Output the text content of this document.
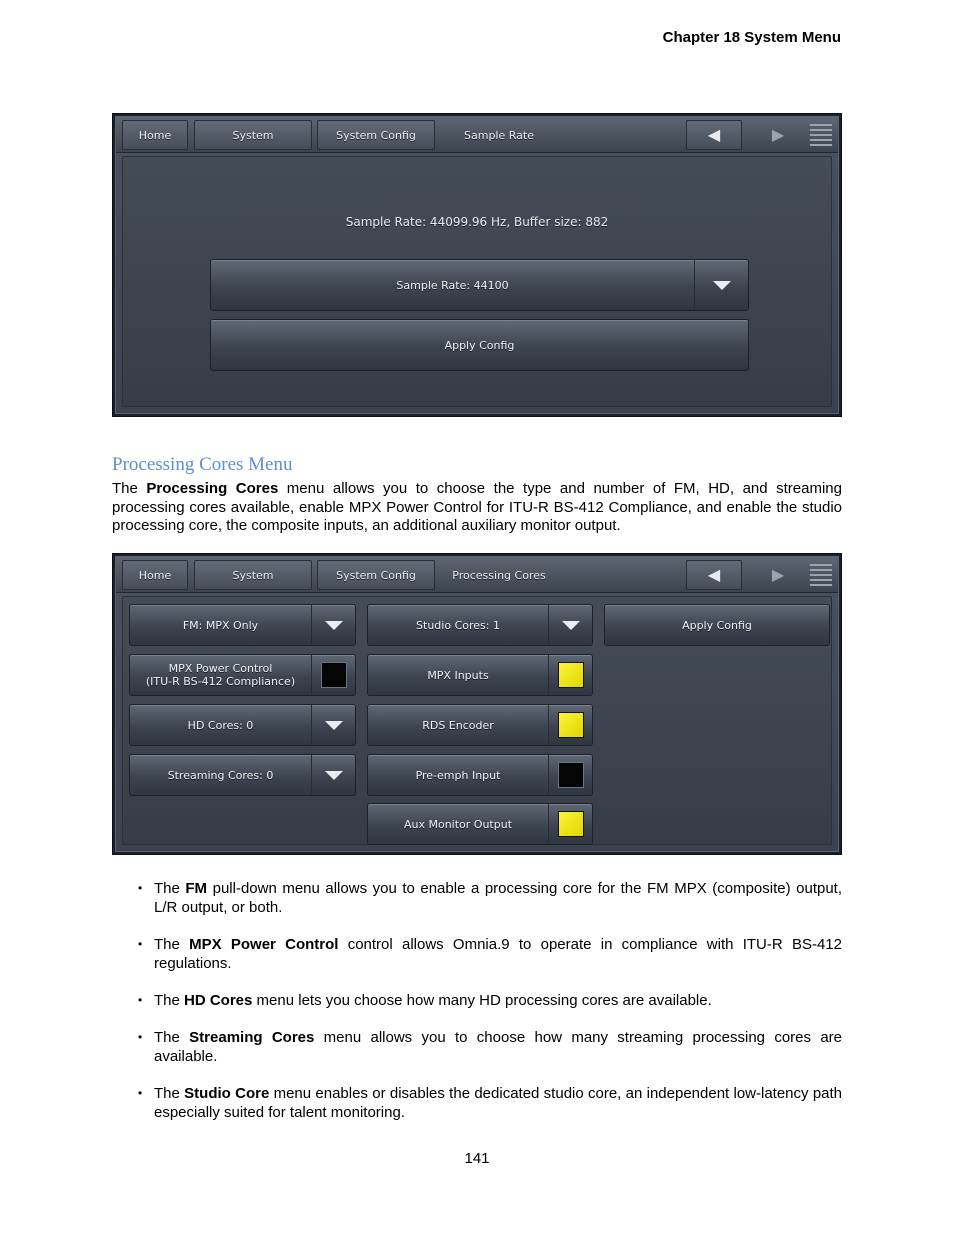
Chapter 18 System Menu
Home	System	System Config	Sample Rate	◀	▶
Sample Rate: 44099.96 Hz, Buffer size: 882
Sample Rate: 44100
Apply Config
Processing Cores Menu

The Processing Cores menu allows you to choose the type and number of FM, HD, and streaming processing cores available, enable MPX Power Control for ITU-R BS-412 Compliance, and enable the studio processing core, the composite inputs, an additional auxiliary monitor output.

Home	System	System Config	Processing Cores	◀	▶
FM: MPX Only
MPX Power Control
(ITU-R BS-412 Compliance)
HD Cores: 0
Streaming Cores: 0
Studio Cores: 1
MPX Inputs
RDS Encoder
Pre-emph Input
Aux Monitor Output
Apply Config
• The FM pull-down menu allows you to enable a processing core for the FM MPX (composite) output, L/R output, or both.
• The MPX Power Control control allows Omnia.9 to operate in compliance with ITU-R BS-412 regulations.
• The HD Cores menu lets you choose how many HD processing cores are available.
• The Streaming Cores menu allows you to choose how many streaming processing cores are available.
• The Studio Core menu enables or disables the dedicated studio core, an independent low-latency path especially suited for talent monitoring.
141
